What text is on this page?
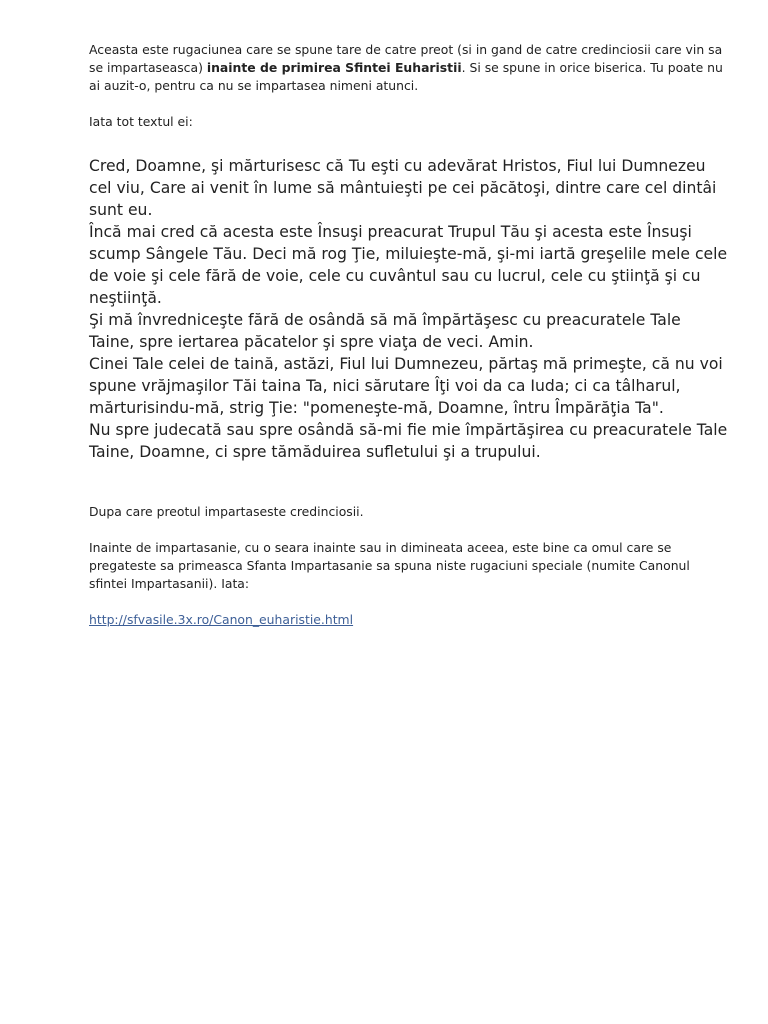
Aceasta este rugaciunea care se spune tare de catre preot (si in gand de catre credinciosii care vin sa se impartaseasca) inainte de primirea Sfintei Euharistii. Si se spune in orice biserica. Tu poate nu ai auzit-o, pentru ca nu se impartasea nimeni atunci.

Iata tot textul ei:

Cred, Doamne, şi mărturisesc că Tu eşti cu adevărat Hristos, Fiul lui Dumnezeu cel viu, Care ai venit în lume să mântuieşti pe cei păcătoşi, dintre care cel dintâi sunt eu.

Încă mai cred că acesta este Însuşi preacurat Trupul Tău şi acesta este Însuşi scump Sângele Tău. Deci mă rog Ţie, miluieşte-mă, şi-mi iartă greşelile mele cele de voie şi cele fără de voie, cele cu cuvântul sau cu lucrul, cele cu ştiinţă şi cu neştiinţă.

Şi mă învredniceşte fără de osândă să mă împărtăşesc cu preacuratele Tale Taine, spre iertarea păcatelor şi spre viaţa de veci. Amin.

Cinei Tale celei de taină, astăzi, Fiul lui Dumnezeu, părtaş mă primeşte, că nu voi spune vrăjmaşilor Tăi taina Ta, nici sărutare Îţi voi da ca Iuda; ci ca tâlharul, mărturisindu-mă, strig Ţie: "pomeneşte-mă, Doamne, întru Împărăţia Ta".

Nu spre judecată sau spre osândă să-mi fie mie împărtăşirea cu preacuratele Tale Taine, Doamne, ci spre tămăduirea sufletului şi a trupului.

Dupa care preotul impartaseste credinciosii.

Inainte de impartasanie, cu o seara inainte sau in dimineata aceea, este bine ca omul care se pregateste sa primeasca Sfanta Impartasanie sa spuna niste rugaciuni speciale (numite Canonul sfintei Impartasanii). Iata:

http://sfvasile.3x.ro/Canon_euharistie.html
